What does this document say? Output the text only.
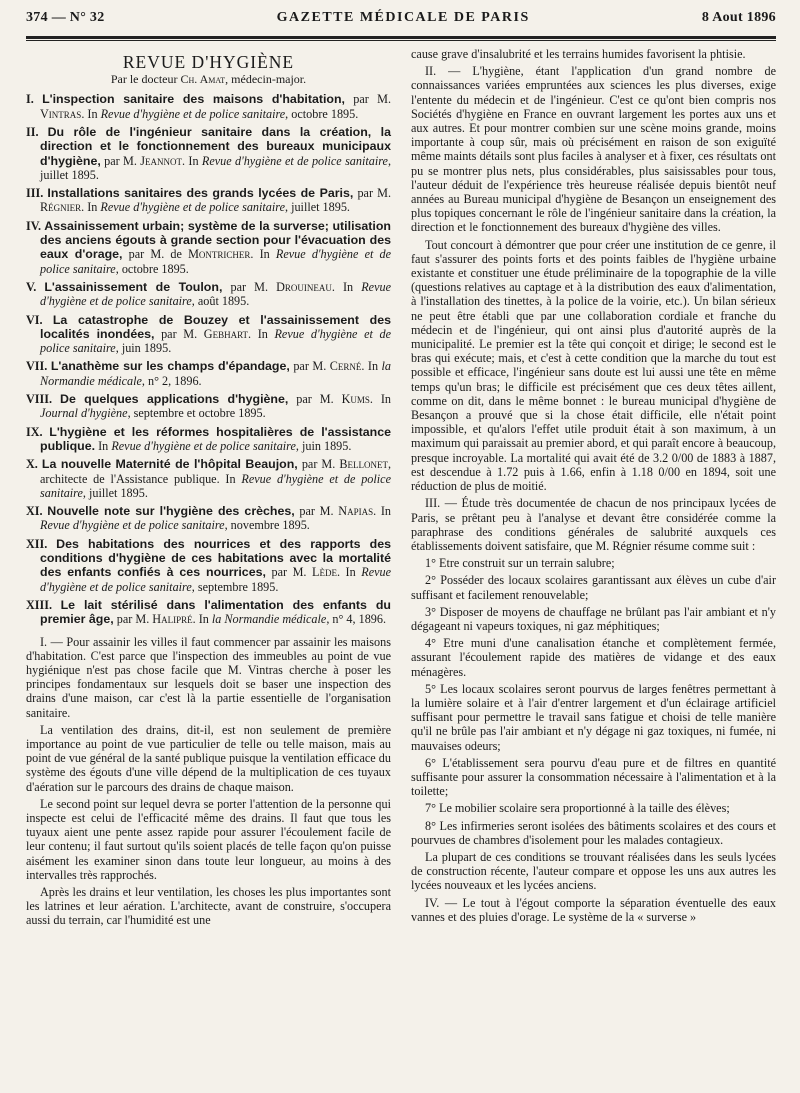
374 — N° 32	GAZETTE MÉDICALE DE PARIS	8 Aout 1896
REVUE D'HYGIÈNE
Par le docteur Ch. Amat, médecin-major.
I. L'inspection sanitaire des maisons d'habitation, par M. Vintras. In Revue d'hygiène et de police sanitaire, octobre 1895.
II. Du rôle de l'ingénieur sanitaire dans la création, la direction et le fonctionnement des bureaux municipaux d'hygiène, par M. Jeannot. In Revue d'hygiène et de police sanitaire, juillet 1895.
III. Installations sanitaires des grands lycées de Paris, par M. Régnier. In Revue d'hygiène et de police sanitaire, juillet 1895.
IV. Assainissement urbain; système de la surverse; utilisation des anciens égouts à grande section pour l'évacuation des eaux d'orage, par M. de Montricher. In Revue d'hygiène et de police sanitaire, octobre 1895.
V. L'assainissement de Toulon, par M. Drouineau. In Revue d'hygiène et de police sanitaire, août 1895.
VI. La catastrophe de Bouzey et l'assainissement des localités inondées, par M. Gebhart. In Revue d'hygiène et de police sanitaire, juin 1895.
VII. L'anathème sur les champs d'épandage, par M. Cerné. In la Normandie médicale, n° 2, 1896.
VIII. De quelques applications d'hygiène, par M. Kums. In Journal d'hygiène, septembre et octobre 1895.
IX. L'hygiène et les réformes hospitalières de l'assistance publique. In Revue d'hygiène et de police sanitaire, juin 1895.
X. La nouvelle Maternité de l'hôpital Beaujon, par M. Bellonet, architecte de l'Assistance publique. In Revue d'hygiène et de police sanitaire, juillet 1895.
XI. Nouvelle note sur l'hygiène des crèches, par M. Napias. In Revue d'hygiène et de police sanitaire, novembre 1895.
XII. Des habitations des nourrices et des rapports des conditions d'hygiène de ces habitations avec la mortalité des enfants confiés à ces nourrices, par M. Lède. In Revue d'hygiène et de police sanitaire, septembre 1895.
XIII. Le lait stérilisé dans l'alimentation des enfants du premier âge, par M. Halipré. In la Normandie médicale, n° 4, 1896.

I. — Pour assainir les villes il faut commencer par assainir les maisons d'habitation. C'est parce que l'inspection des immeubles au point de vue hygiénique n'est pas chose facile que M. Vintras cherche à poser les principes fondamentaux sur lesquels doit se baser une inspection des drains d'une maison, car c'est là la partie essentielle de l'organisation sanitaire.

La ventilation des drains, dit-il, est non seulement de première importance au point de vue particulier de telle ou telle maison, mais au point de vue général de la santé publique puisque la ventilation efficace du système des égouts d'une ville dépend de la multiplication de ces tuyaux d'aération sur le parcours des drains de chaque maison.

Le second point sur lequel devra se porter l'attention de la personne qui inspecte est celui de l'efficacité même des drains. Il faut que tous les tuyaux aient une pente assez rapide pour assurer l'écoulement facile de leur contenu; il faut surtout qu'ils soient placés de telle façon qu'on puisse aisément les examiner sinon dans toute leur longueur, au moins à des intervalles très rapprochés.

Après les drains et leur ventilation, les choses les plus importantes sont les latrines et leur aération. L'architecte, avant de construire, s'occupera aussi du terrain, car l'humidité est une

cause grave d'insalubrité et les terrains humides favorisent la phtisie.

II. — L'hygiène, étant l'application d'un grand nombre de connaissances variées empruntées aux sciences les plus diverses, exige l'entente du médecin et de l'ingénieur. C'est ce qu'ont bien compris nos Sociétés d'hygiène en France en ouvrant largement les portes aux uns et aux autres. Et pour montrer combien sur une scène moins grande, moins importante à coup sûr, mais où précisément en raison de son exiguïté même maints détails sont plus faciles à analyser et à fixer, ces résultats ont pu se montrer plus nets, plus considérables, plus saisissables pour tous, l'auteur déduit de l'expérience très heureuse réalisée depuis bientôt neuf années au Bureau municipal d'hygiène de Besançon un enseignement des plus topiques concernant le rôle de l'ingénieur sanitaire dans la création, la direction et le fonctionnement des bureaux d'hygiène des villes.

Tout concourt à démontrer que pour créer une institution de ce genre, il faut s'assurer des points forts et des points faibles de l'hygiène urbaine existante et constituer une étude préliminaire de la topographie de la ville (questions relatives au captage et à la distribution des eaux d'alimentation, à l'installation des tinettes, à la police de la voirie, etc.). Un bilan sérieux ne peut être établi que par une collaboration cordiale et franche du médecin et de l'ingénieur, qui ont ainsi plus d'autorité auprès de la municipalité. Le premier est la tête qui conçoit et dirige; le second est le bras qui exécute; mais, et c'est à cette condition que la marche du tout est possible et efficace, l'ingénieur sans doute est lui aussi une tête en même temps qu'un bras; le difficile est précisément que ces deux têtes aillent, comme on dit, dans le même bonnet : le bureau municipal d'hygiène de Besançon a prouvé que si la chose était difficile, elle n'était point impossible, et qu'alors l'effet utile produit était à son maximum, à un maximum qui paraissait au premier abord, et qui paraît encore à beaucoup, presque incroyable. La mortalité qui avait été de 3.2 0/00 de 1883 à 1887, est descendue à 1.72 puis à 1.66, enfin à 1.18 0/00 en 1894, soit une réduction de plus de moitié.

III. — Étude très documentée de chacun de nos principaux lycées de Paris, se prêtant peu à l'analyse et devant être considérée comme la paraphrase des conditions générales de salubrité auxquels ces établissements doivent satisfaire, que M. Régnier résume comme suit :

1° Etre construit sur un terrain salubre;

2° Posséder des locaux scolaires garantissant aux élèves un cube d'air suffisant et facilement renouvelable;

3° Disposer de moyens de chauffage ne brûlant pas l'air ambiant et n'y dégageant ni vapeurs toxiques, ni gaz méphitiques;

4° Etre muni d'une canalisation étanche et complètement fermée, assurant l'écoulement rapide des matières de vidange et des eaux ménagères.

5° Les locaux scolaires seront pourvus de larges fenêtres permettant à la lumière solaire et à l'air d'entrer largement et d'un éclairage artificiel suffisant pour permettre le travail sans fatigue et choisi de telle manière qu'il ne brûle pas l'air ambiant et n'y dégage ni gaz toxiques, ni fumée, ni mauvaises odeurs;

6° L'établissement sera pourvu d'eau pure et de filtres en quantité suffisante pour assurer la consommation nécessaire à l'alimentation et à la toilette;

7° Le mobilier scolaire sera proportionné à la taille des élèves;

8° Les infirmeries seront isolées des bâtiments scolaires et des cours et pourvues de chambres d'isolement pour les malades contagieux.

La plupart de ces conditions se trouvant réalisées dans les seuls lycées de construction récente, l'auteur compare et oppose les uns aux autres les lycées nouveaux et les lycées anciens.

IV. — Le tout à l'égout comporte la séparation éventuelle des eaux vannes et des pluies d'orage. Le système de la « surverse »
